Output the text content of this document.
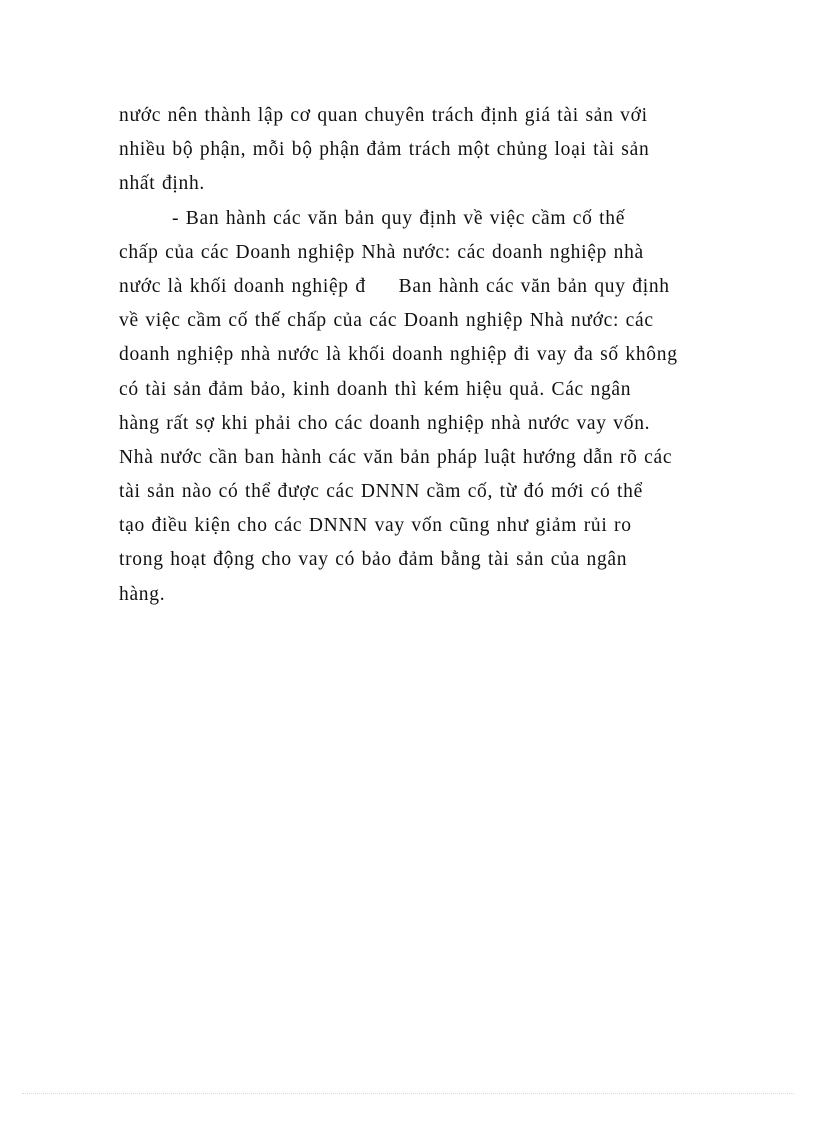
nước nên thành lập cơ quan chuyên trách định giá tài sản với
nhiều bộ phận, mỗi bộ phận đảm trách một chủng loại tài sản
nhất định.
- Ban hành các văn bản quy định về việc cầm cố thế
chấp của các Doanh nghiệp Nhà nước: các doanh nghiệp nhà
nước là khối doanh nghiệp đ     Ban hành các văn bản quy định
về việc cầm cố thế chấp của các Doanh nghiệp Nhà nước: các
doanh nghiệp nhà nước là khối doanh nghiệp đi vay đa số không
có tài sản đảm bảo, kinh doanh thì kém hiệu quả. Các ngân
hàng rất sợ khi phải cho các doanh nghiệp nhà nước vay vốn.
Nhà nước cần ban hành các văn bản pháp luật hướng dẫn rõ các
tài sản nào có thể được các DNNN cầm cố, từ đó mới có thể
tạo điều kiện cho các DNNN vay vốn cũng như giảm rủi ro
trong hoạt động cho vay có bảo đảm bằng tài sản của ngân
hàng.
